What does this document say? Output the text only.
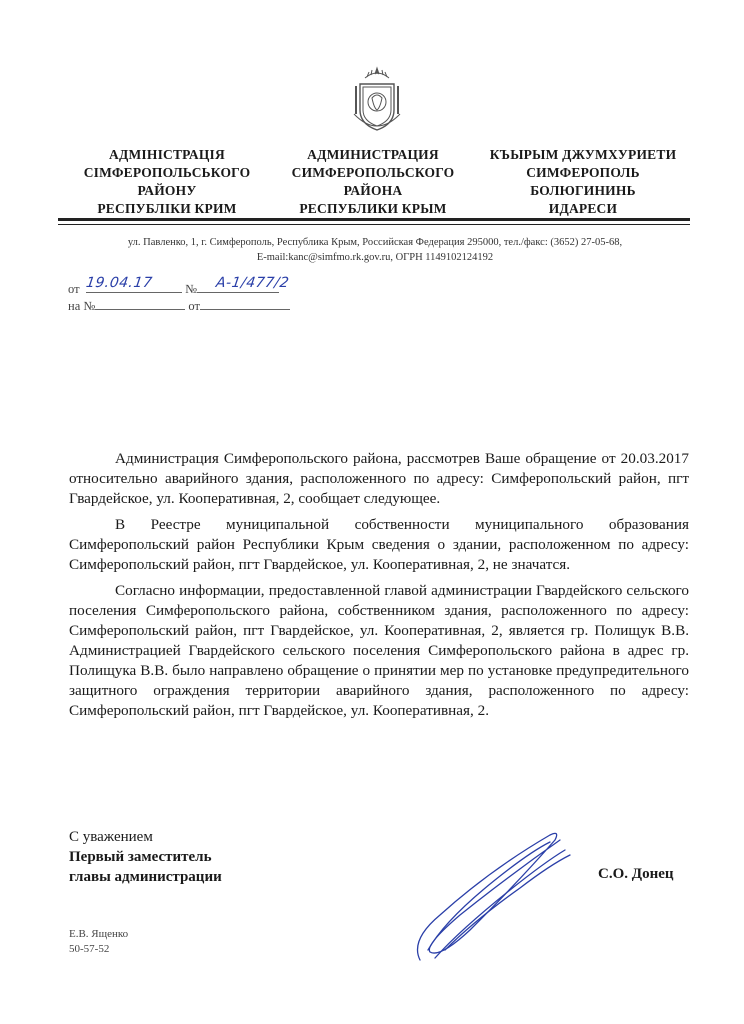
АДМІНІСТРАЦІЯ
СІМФЕРОПОЛЬСЬКОГО
РАЙОНУ
РЕСПУБЛІКИ КРИМ
АДМИНИСТРАЦИЯ
СИМФЕРОПОЛЬСКОГО
РАЙОНА
РЕСПУБЛИКИ КРЫМ
КЪЫРЫМ ДЖУМХУРИЕТИ
СИМФЕРОПОЛЬ
БОЛЮГИНИНЬ
ИДАРЕСИ
ул. Павленко, 1, г. Симферополь, Республика Крым, Российская Федерация 295000, тел./факс: (3652) 27-05-68,
E-mail:kanc@simfmo.rk.gov.ru, ОГРН 1149102124192
от	№
19.04.17	А-1/477/2
на №	от

Администрация Симферопольского района, рассмотрев Ваше обращение от 20.03.2017 относительно аварийного здания, расположенного по адресу: Симферопольский район, пгт Гвардейское, ул. Кооперативная, 2, сообщает следующее.

В Реестре муниципальной собственности муниципального образования Симферопольский район Республики Крым сведения о здании, расположенном по адресу: Симферопольский район, пгт Гвардейское, ул. Кооперативная, 2, не значатся.

Согласно информации, предоставленной главой администрации Гвардейского сельского поселения Симферопольского района, собственником здания, расположенного по адресу: Симферопольский район, пгт Гвардейское, ул. Кооперативная, 2, является гр. Полищук В.В. Администрацией Гвардейского сельского поселения Симферопольского района в адрес гр. Полищука В.В. было направлено обращение о принятии мер по установке предупредительного защитного ограждения территории аварийного здания, расположенного по адресу: Симферопольский район, пгт Гвардейское, ул. Кооперативная, 2.

С уважением
Первый заместитель
главы администрации	С.О. Донец
Е.В. Ященко
50-57-52
